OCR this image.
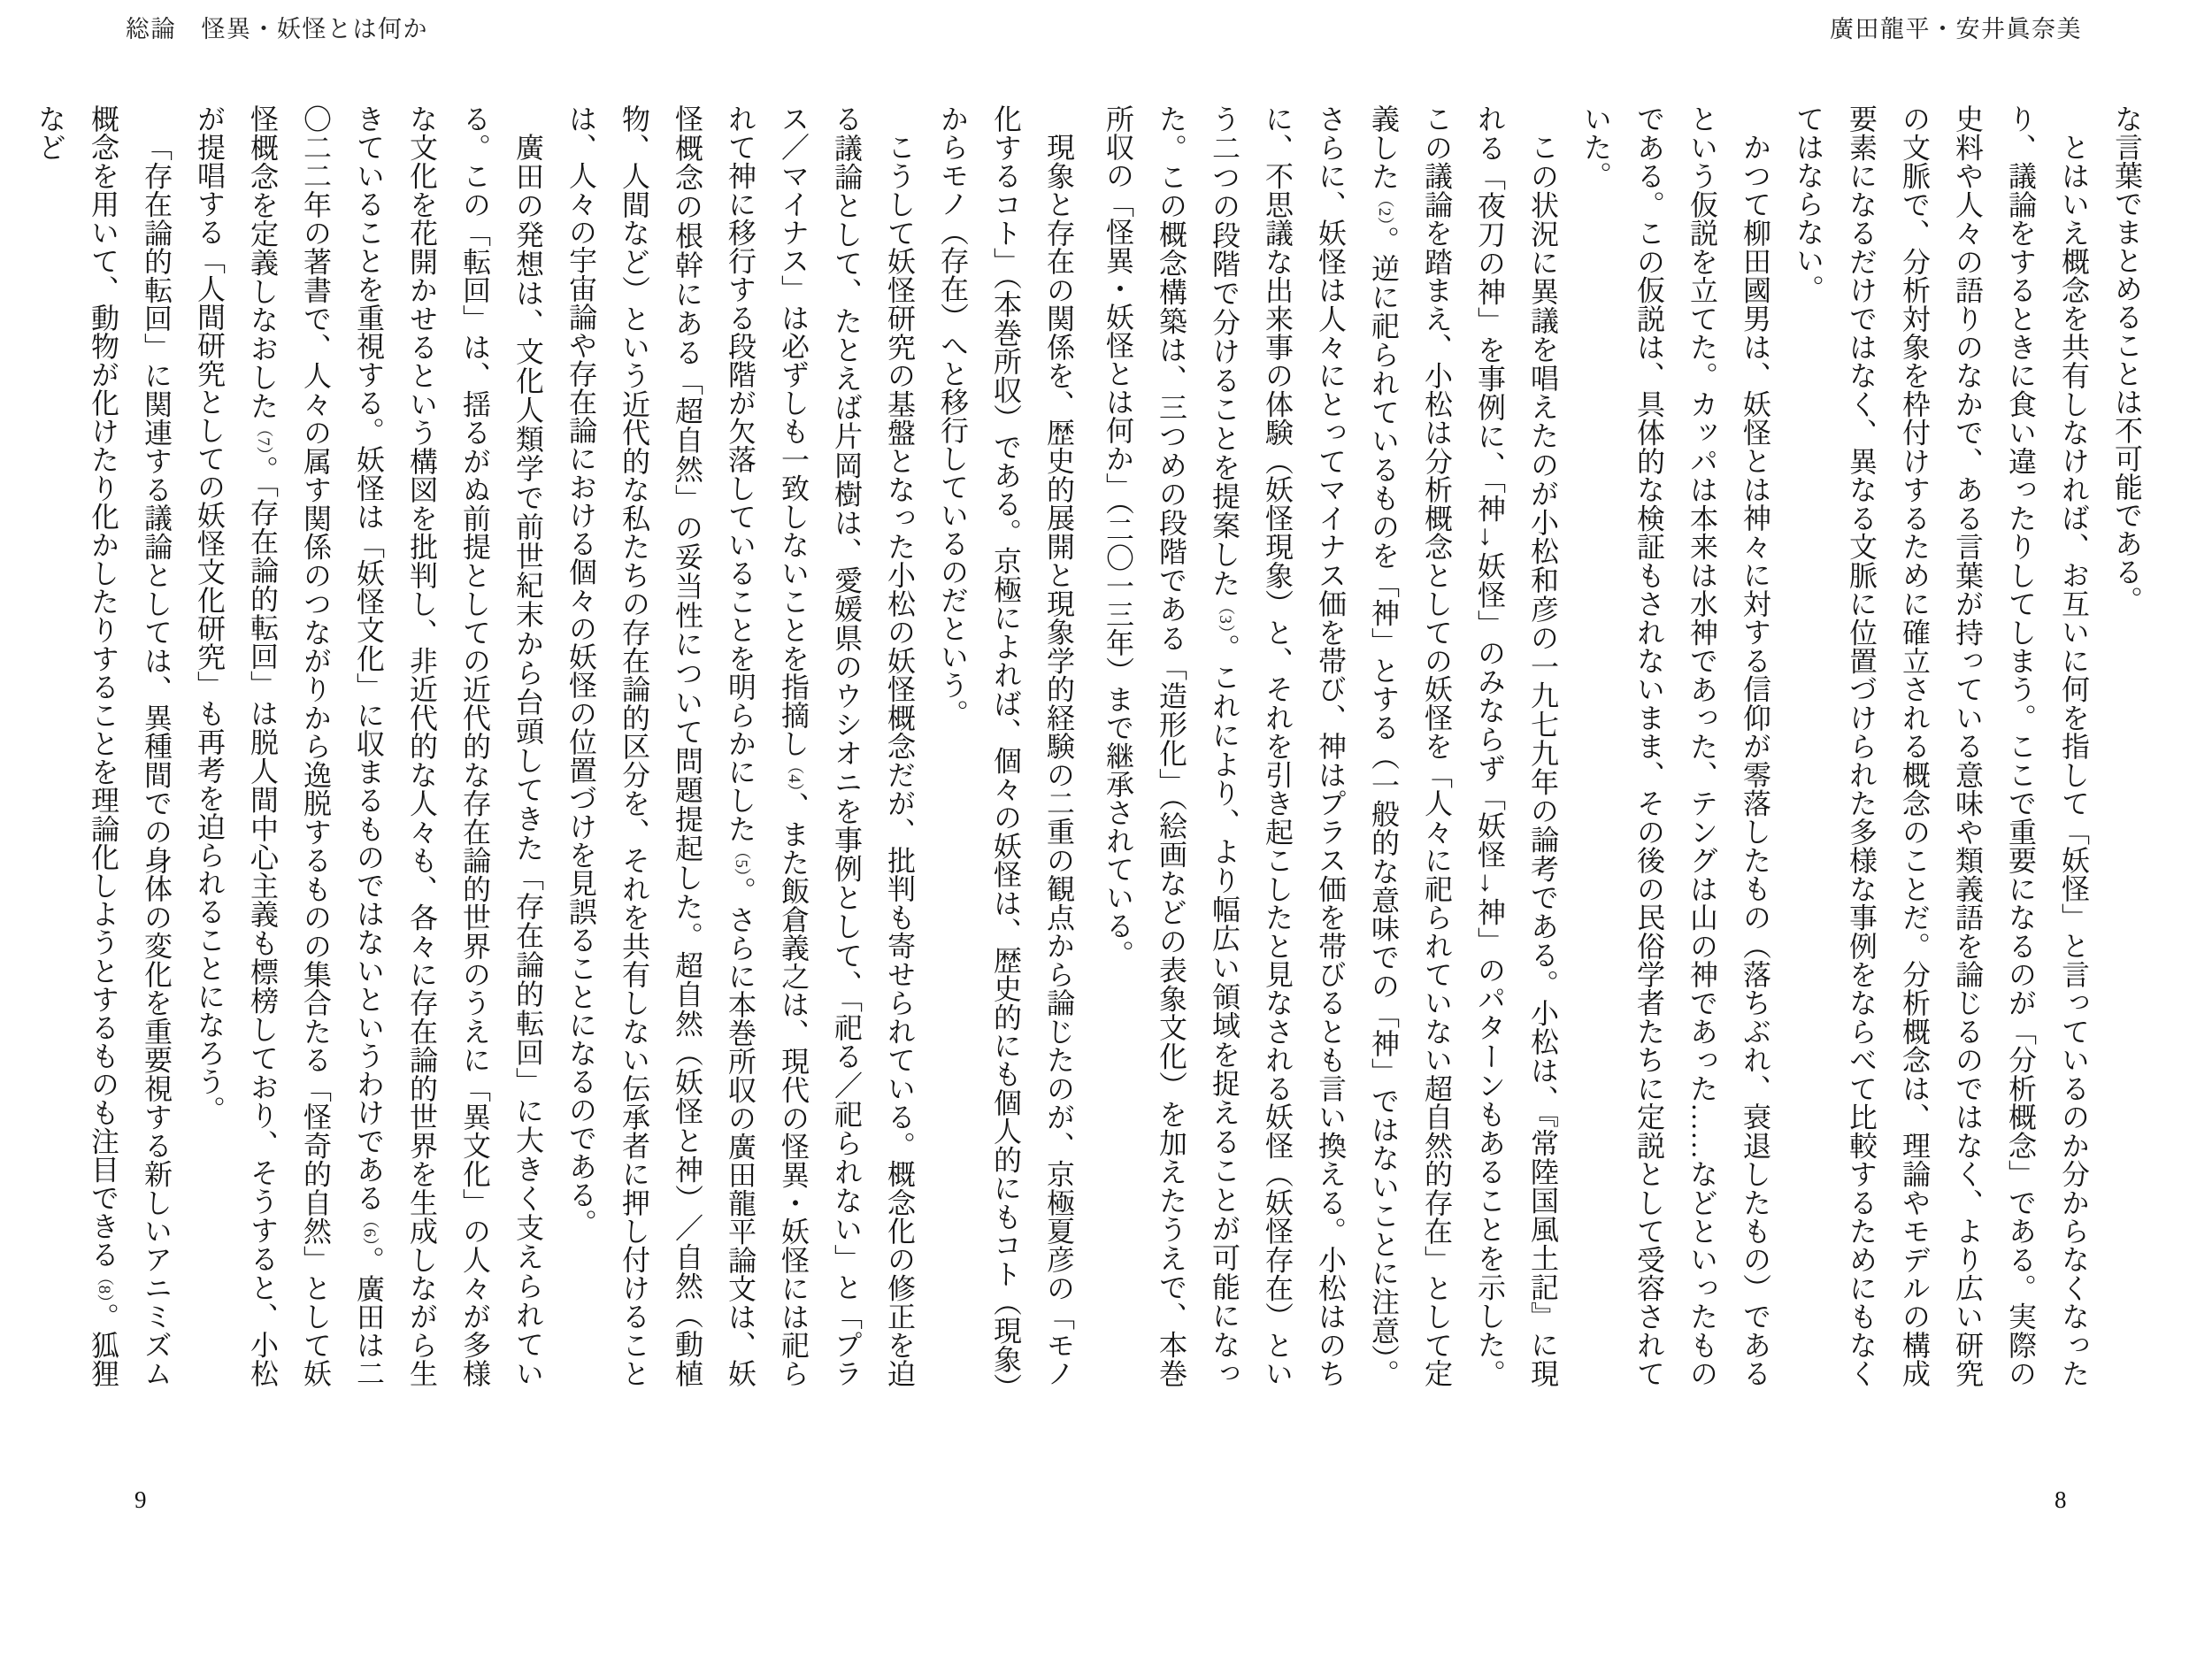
総論　怪異・妖怪とは何か	廣田龍平・安井眞奈美

現象と存在の関係を、歴史的展開と現象学的経験の二重の観点から論じたのが、京極夏彦の「モノ化するコト」（本巻所収）である。京極によれば、個々の妖怪は、歴史的にも個人的にもコト（現象）からモノ（存在）へと移行しているのだという。

こうして妖怪研究の基盤となった小松の妖怪概念だが、批判も寄せられている。概念化の修正を迫る議論として、たとえば片岡樹は、愛媛県のウシオニを事例として、「祀る／祀られない」と「プラス／マイナス」は必ずしも一致しないことを指摘し（4）、また飯倉義之は、現代の怪異・妖怪には祀られて神に移行する段階が欠落していることを明らかにした（5）。さらに本巻所収の廣田龍平論文は、妖怪概念の根幹にある「超自然」の妥当性について問題提起した。超自然（妖怪と神）／自然（動植物、人間など）という近代的な私たちの存在論的区分を、それを共有しない伝承者に押し付けることは、人々の宇宙論や存在論における個々の妖怪の位置づけを見誤ることになるのである。

廣田の発想は、文化人類学で前世紀末から台頭してきた「存在論的転回」に大きく支えられている。この「転回」は、揺るがぬ前提としての近代的な存在論的世界のうえに「異文化」の人々が多様な文化を花開かせるという構図を批判し、非近代的な人々も、各々に存在論的世界を生成しながら生きていることを重視する。妖怪は「妖怪文化」に収まるものではないというわけである（6）。廣田は二〇二二年の著書で、人々の属す関係のつながりから逸脱するものの集合たる「怪奇的自然」として妖怪概念を定義しなおした（7）。「存在論的転回」は脱人間中心主義も標榜しており、そうすると、小松が提唱する「人間研究としての妖怪文化研究」も再考を迫られることになろう。

「存在論的転回」に関連する議論としては、異種間での身体の変化を重要視する新しいアニミズム概念を用いて、動物が化けたり化かしたりすることを理論化しようとするものも注目できる（8）。狐狸など

9

な言葉でまとめることは不可能である。

とはいえ概念を共有しなければ、お互いに何を指して「妖怪」と言っているのか分からなくなったり、議論をするときに食い違ったりしてしまう。ここで重要になるのが「分析概念」である。実際の史料や人々の語りのなかで、ある言葉が持っている意味や類義語を論じるのではなく、より広い研究の文脈で、分析対象を枠付けするために確立される概念のことだ。分析概念は、理論やモデルの構成要素になるだけではなく、異なる文脈に位置づけられた多様な事例をならべて比較するためにもなくてはならない。

かつて柳田國男は、妖怪とは神々に対する信仰が零落したもの（落ちぶれ、衰退したもの）であるという仮説を立てた。カッパは本来は水神であった、テングは山の神であった……などといったものである。この仮説は、具体的な検証もされないまま、その後の民俗学者たちに定説として受容されていた。

この状況に異議を唱えたのが小松和彦の一九七九年の論考である。小松は、『常陸国風土記』に現れる「夜刀の神」を事例に、「神→妖怪」のみならず「妖怪→神」のパターンもあることを示した。この議論を踏まえ、小松は分析概念としての妖怪を「人々に祀られていない超自然的存在」として定義した（2）。逆に祀られているものを「神」とする（一般的な意味での「神」ではないことに注意）。さらに、妖怪は人々にとってマイナス価を帯び、神はプラス価を帯びるとも言い換える。小松はのちに、不思議な出来事の体験（妖怪現象）と、それを引き起こしたと見なされる妖怪（妖怪存在）という二つの段階で分けることを提案した（3）。これにより、より幅広い領域を捉えることが可能になった。この概念構築は、三つめの段階である「造形化」（絵画などの表象文化）を加えたうえで、本巻所収の「怪異・妖怪とは何か」（二〇一三年）まで継承されている。

8
